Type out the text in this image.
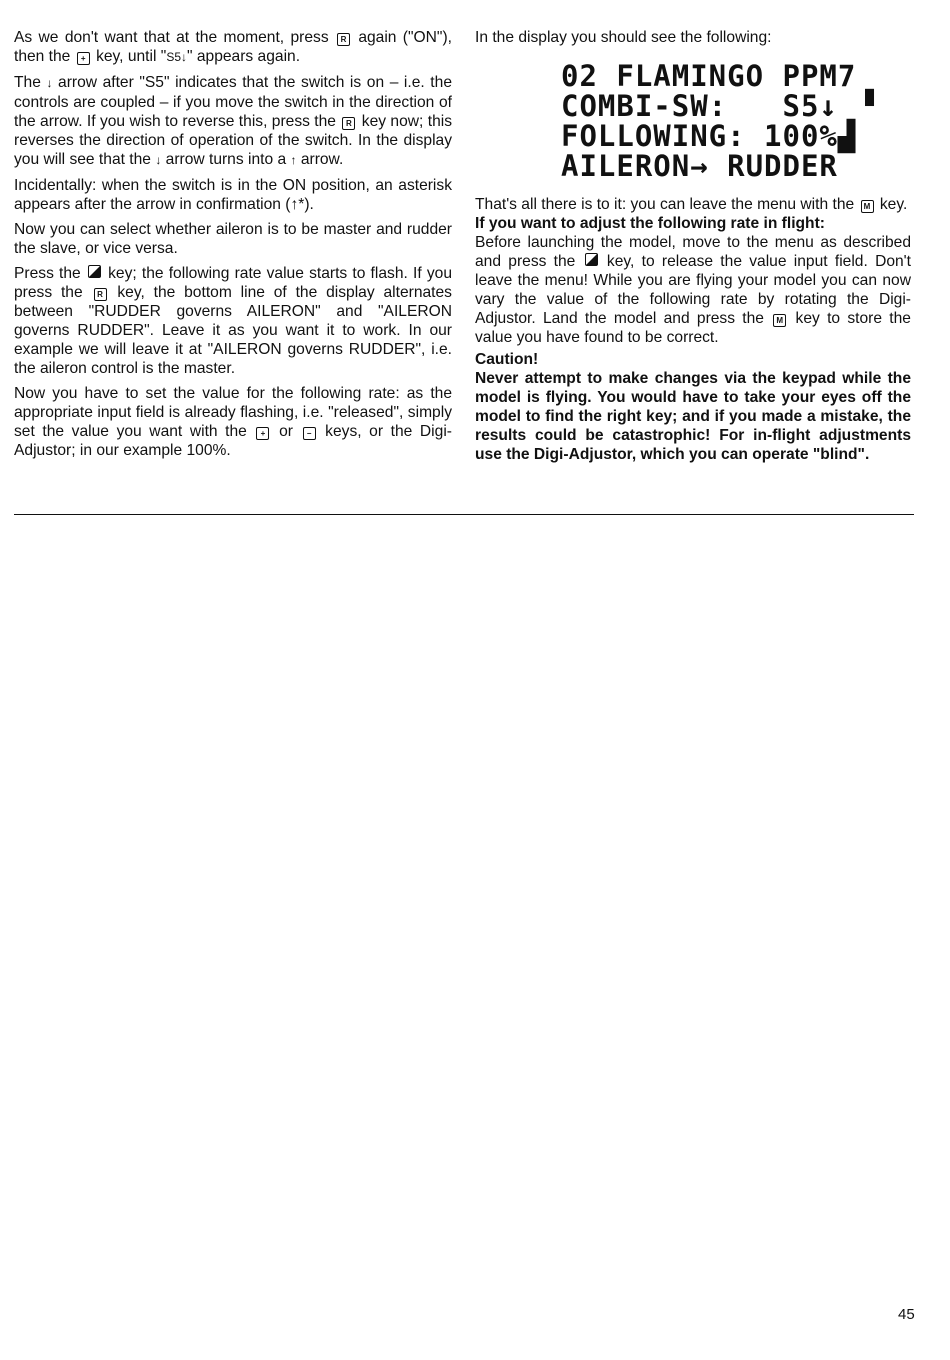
As we don't want that at the moment, press R again ("ON"), then the + key, until "S5↓" appears again.

The ↓ arrow after "S5" indicates that the switch is on – i.e. the controls are coupled – if you move the switch in the direction of the arrow. If you wish to reverse this, press the R key now; this reverses the direction of operation of the switch. In the display you will see that the ↓ arrow turns into a ↑ arrow.

Incidentally: when the switch is in the ON position, an asterisk appears after the arrow in confirmation (↑*).

Now you can select whether aileron is to be master and rudder the slave, or vice versa.

Press the key; the following rate value starts to flash. If you press the R key, the bottom line of the display alternates between "RUDDER governs AILERON" and "AILERON governs RUDDER". Leave it as you want it to work. In our example we will leave it at "AILERON governs RUDDER", i.e. the aileron control is the master.

Now you have to set the value for the following rate: as the appropriate input field is already flashing, i.e. "released", simply set the value you want with the + or − keys, or the Digi-Adjustor; in our example 100%.

In the display you should see the following:

02 FLAMINGO PPM7
COMBI-SW:   S5↓ ▝
FOLLOWING: 100%▟
AILERON→ RUDDER

That's all there is to it: you can leave the menu with the M key.

If you want to adjust the following rate in flight:

Before launching the model, move to the menu as described and press the key, to release the value input field. Don't leave the menu! While you are flying your model you can now vary the value of the following rate by rotating the Digi-Adjustor. Land the model and press the M key to store the value you have found to be correct.

Caution!

Never attempt to make changes via the keypad while the model is flying. You would have to take your eyes off the model to find the right key; and if you made a mistake, the results could be catastrophic! For in-flight adjustments use the Digi-Adjustor, which you can operate "blind".

45
